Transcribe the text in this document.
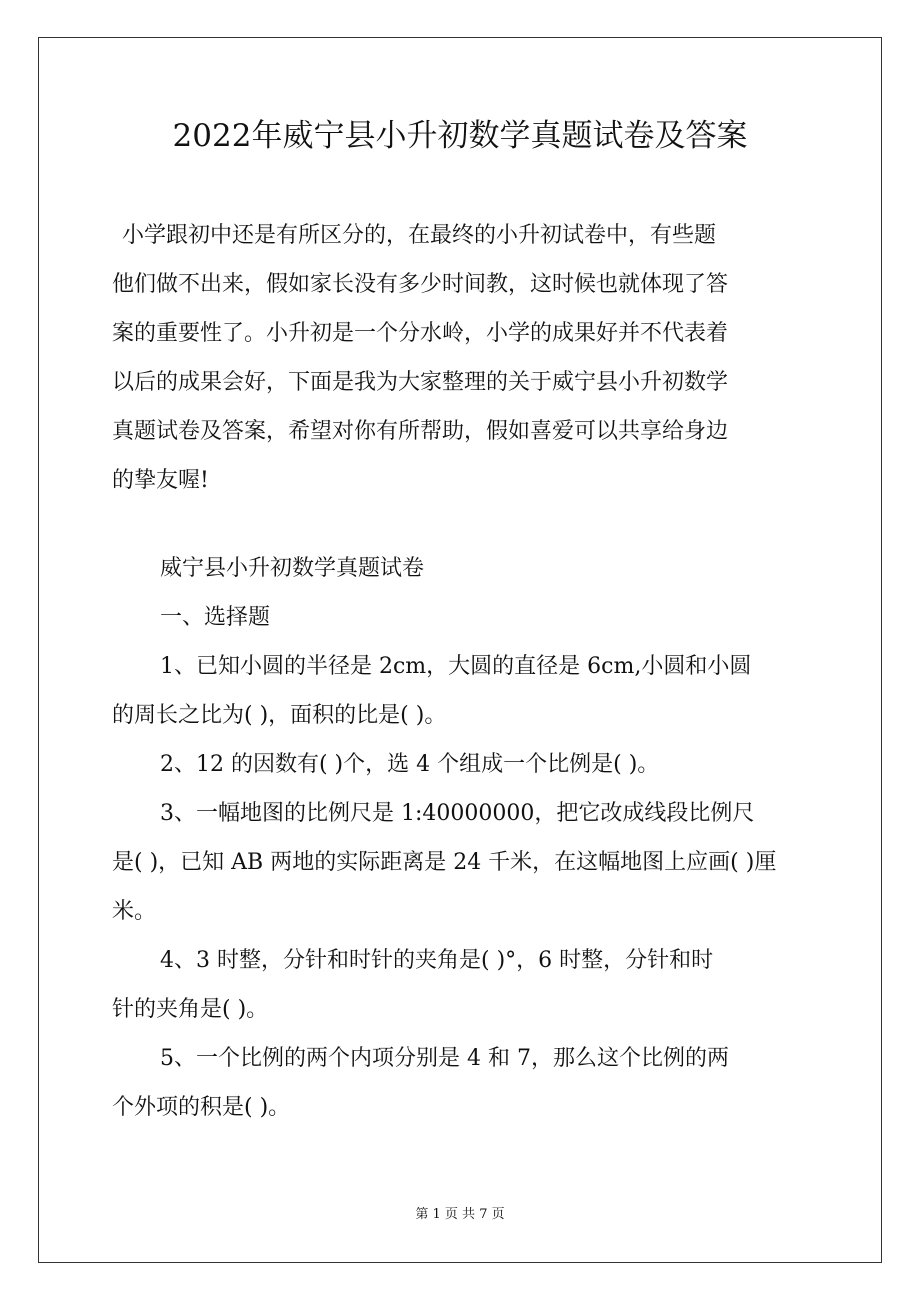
2022年威宁县小升初数学真题试卷及答案
小学跟初中还是有所区分的，在最终的小升初试卷中，有些题
他们做不出来，假如家长没有多少时间教，这时候也就体现了答
案的重要性了。小升初是一个分水岭，小学的成果好并不代表着
以后的成果会好，下面是我为大家整理的关于威宁县小升初数学
真题试卷及答案，希望对你有所帮助，假如喜爱可以共享给身边
的挚友喔!
威宁县小升初数学真题试卷
一、选择题
1、已知小圆的半径是 2cm，大圆的直径是 6cm,小圆和小圆
的周长之比为( )，面积的比是( )。
2、12 的因数有( )个，选 4 个组成一个比例是( )。
3、一幅地图的比例尺是 1:40000000，把它改成线段比例尺
是( )，已知 AB 两地的实际距离是 24 千米，在这幅地图上应画( )厘
米。
4、3 时整，分针和时针的夹角是( )°，6 时整，分针和时
针的夹角是( )。
5、一个比例的两个内项分别是 4 和 7，那么这个比例的两
个外项的积是( )。
第 1 页 共 7 页
